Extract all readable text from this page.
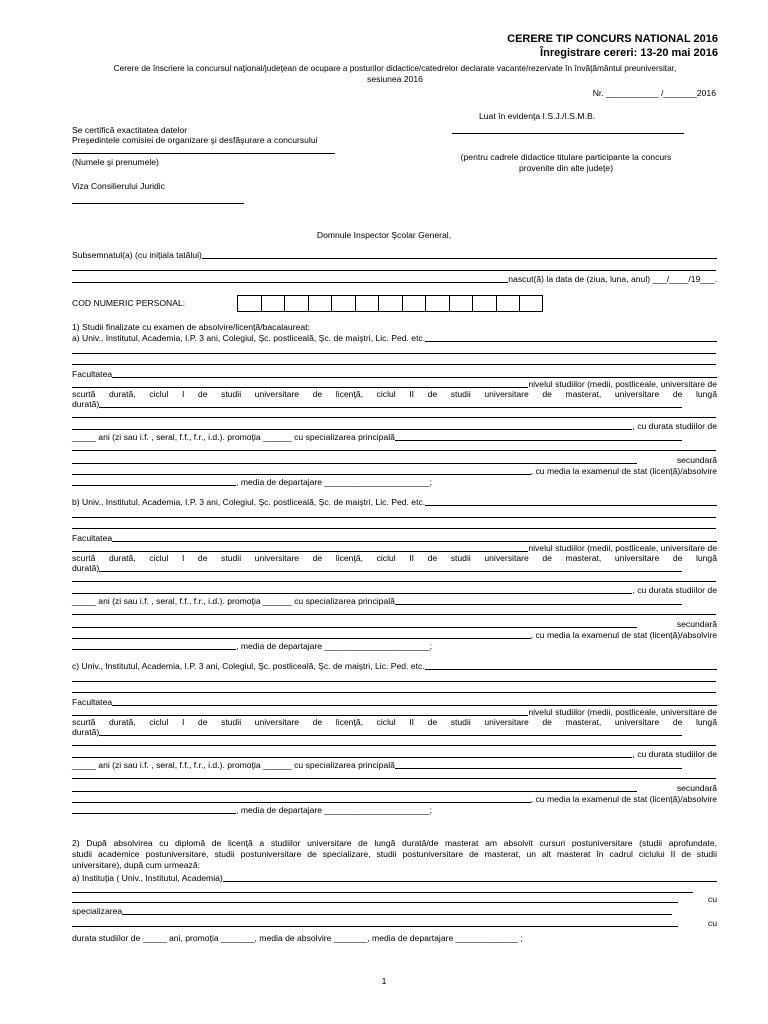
CERERE TIP CONCURS NATIONAL 2016
Înregistrare cereri: 13-20 mai 2016
Cerere de înscriere la concursul naţional/judeţean de ocupare a posturilor didactice/catedrelor declarate vacante/rezervate în învăţământul preuniversitar,
sesiunea 2016
Nr. ___________ /_______2016
Luat în evidenţa I.S.J./I.S.M.B.
(pentru cadrele didactice titulare participante la concurs
provenite din alte judeţe)
Se certifică exactitatea datelor
Preşedintele comisiei de organizare şi desfăşurare a concursului
(Numele şi prenumele)
Viza Consilierului Juridic
Domnule Inspector Şcolar General,
Subsemnatul(a) (cu iniţiala tatălui)
nascut(ă) la data de (ziua, luna, anul) ___/____/19___.
COD NUMERIC PERSONAL:
1) Studii finalizate cu examen de absolvire/licenţă/bacalaureat:
a) Univ., Institutul, Academia, I.P. 3 ani, Colegiul, Şc. postliceală, Şc. de maiştri, Lic. Ped. etc.
Facultatea
nivelul studiilor (medii, postliceale, universitare de
scurtă durată, ciclul I de studii universitare de licenţă, ciclul II de studii universitare de masterat, universitare de lungă
durată)
, cu durata studiilor de
_____ ani (zi sau i.f. , seral, f.f., f.r., i.d.). promoţia ______ cu specializarea principală
secundară
, cu media la examenul de stat (licenţă)/absolvire
, media de departajare ______________________;
b) Univ., Institutul, Academia, I.P. 3 ani, Colegiul, Şc. postliceală, Şc. de maiştri, Lic. Ped. etc.
Facultatea
nivelul studiilor (medii, postliceale, universitare de
scurtă durată, ciclul I de studii universitare de licenţă, ciclul II de studii universitare de masterat, universitare de lungă
durată)
, cu durata studiilor de
_____ ani (zi sau i.f. , seral, f.f., f.r., i.d.). promoţia ______ cu specializarea principală
secundară
, cu media la examenul de stat (licenţă)/absolvire
, media de departajare ______________________;
c) Univ., Institutul, Academia, I.P. 3 ani, Colegiul, Şc. postliceală, Şc. de maiştri, Lic. Ped. etc.
Facultatea
nivelul studiilor (medii, postliceale, universitare de
scurtă durată, ciclul I de studii universitare de licenţă, ciclul II de studii universitare de masterat, universitare de lungă
durată)
, cu durata studiilor de
_____ ani (zi sau i.f. , seral, f.f., f.r., i.d.). promoţia ______ cu specializarea principală
secundară
, cu media la examenul de stat (licenţă)/absolvire
, media de departajare ______________________;
2) După absolvirea cu diplomă de licenţă a studiilor universitare de lungă durată/de masterat am absolvit cursuri postuniversitare (studii aprofundate,
studii academice postuniversitare, studii postuniversitare de specializare, studii postuniversitare de masterat, un alt masterat în cadrul ciclului II de studii
universitare), după cum urmează:
a) Instituţia ( Univ., Institutul, Academia)
cu
specializarea
cu
durata studiilor de _____ ani, promoţia _______, media de absolvire _______, media de departajare _____________ ;
1
